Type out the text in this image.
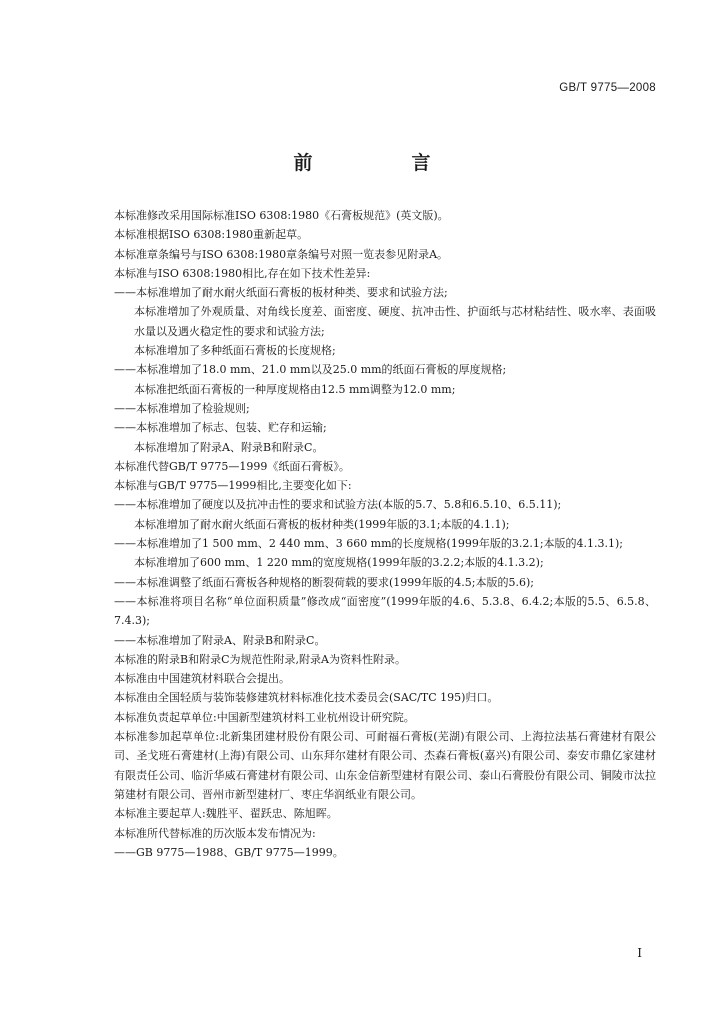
GB/T 9775—2008
前　言

本标准修改采用国际标准ISO 6308:1980《石膏板规范》(英文版)。

本标准根据ISO 6308:1980重新起草。

本标准章条编号与ISO 6308:1980章条编号对照一览表参见附录A。

本标准与ISO 6308:1980相比,存在如下技术性差异:

——本标准增加了耐水耐火纸面石膏板的板材种类、要求和试验方法;

本标准增加了外观质量、对角线长度差、面密度、硬度、抗冲击性、护面纸与芯材粘结性、吸水率、表面吸水量以及遇火稳定性的要求和试验方法;

本标准增加了多种纸面石膏板的长度规格;

——本标准增加了18.0 mm、21.0 mm以及25.0 mm的纸面石膏板的厚度规格;

本标准把纸面石膏板的一种厚度规格由12.5 mm调整为12.0 mm;

——本标准增加了检验规则;

——本标准增加了标志、包装、贮存和运输;

本标准增加了附录A、附录B和附录C。

本标准代替GB/T 9775—1999《纸面石膏板》。

本标准与GB/T 9775—1999相比,主要变化如下:

——本标准增加了硬度以及抗冲击性的要求和试验方法(本版的5.7、5.8和6.5.10、6.5.11);

本标准增加了耐水耐火纸面石膏板的板材种类(1999年版的3.1;本版的4.1.1);

——本标准增加了1 500 mm、2 440 mm、3 660 mm的长度规格(1999年版的3.2.1;本版的4.1.3.1);

本标准增加了600 mm、1 220 mm的宽度规格(1999年版的3.2.2;本版的4.1.3.2);

——本标准调整了纸面石膏板各种规格的断裂荷载的要求(1999年版的4.5;本版的5.6);

——本标准将项目名称“单位面积质量”修改成“面密度”(1999年版的4.6、5.3.8、6.4.2;本版的5.5、6.5.8、7.4.3);

——本标准增加了附录A、附录B和附录C。

本标准的附录B和附录C为规范性附录,附录A为资料性附录。

本标准由中国建筑材料联合会提出。

本标准由全国轻质与装饰装修建筑材料标准化技术委员会(SAC/TC 195)归口。

本标准负责起草单位:中国新型建筑材料工业杭州设计研究院。

本标准参加起草单位:北新集团建材股份有限公司、可耐福石膏板(芜湖)有限公司、上海拉法基石膏建材有限公司、圣戈班石膏建材(上海)有限公司、山东拜尔建材有限公司、杰森石膏板(嘉兴)有限公司、泰安市鼎亿家建材有限责任公司、临沂华威石膏建材有限公司、山东金信新型建材有限公司、泰山石膏股份有限公司、铜陵市汰拉第建材有限公司、晋州市新型建材厂、枣庄华润纸业有限公司。

本标准主要起草人:魏胜平、翟跃忠、陈旭晖。

本标准所代替标准的历次版本发布情况为:

——GB 9775—1988、GB/T 9775—1999。

I
